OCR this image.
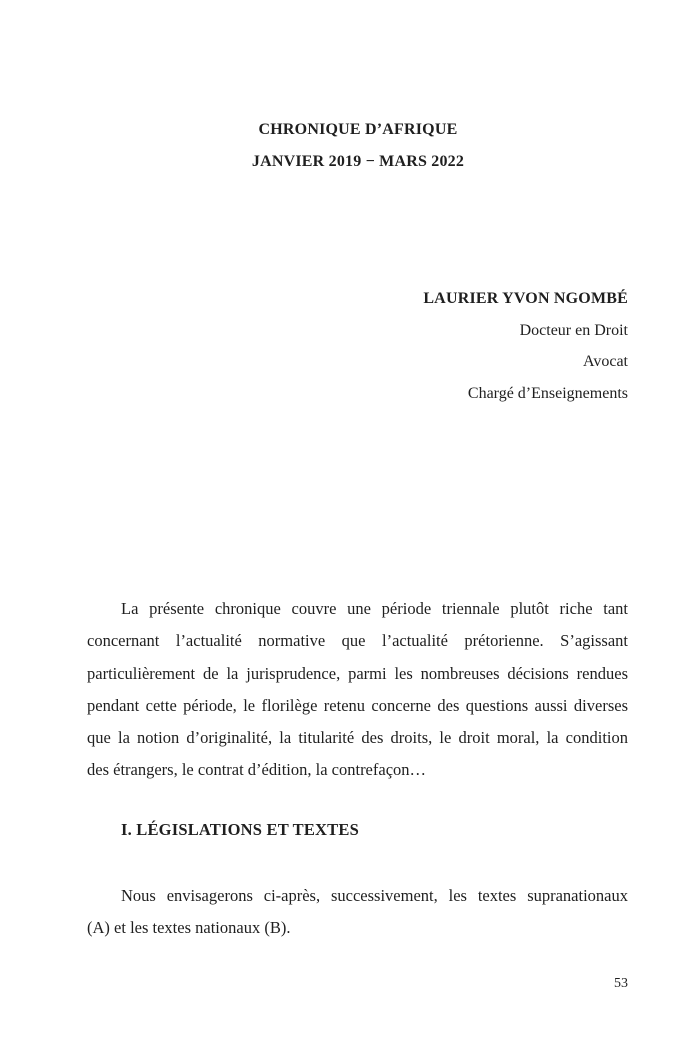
CHRONIQUE D’AFRIQUE
JANVIER 2019 − MARS 2022
LAURIER YVON NGOMBÉ
Docteur en Droit
Avocat
Chargé d’Enseignements
La présente chronique couvre une période triennale plutôt riche tant
concernant l’actualité normative que l’actualité prétorienne. S’agissant
particulièrement de la jurisprudence, parmi les nombreuses décisions rendues
pendant cette période, le florilège retenu concerne des questions aussi diverses
que la notion d’originalité, la titularité des droits, le droit moral, la condition
des étrangers, le contrat d’édition, la contrefaçon…
I. LÉGISLATIONS ET TEXTES
Nous envisagerons ci-après, successivement, les textes supranationaux
(A) et les textes nationaux (B).
53
